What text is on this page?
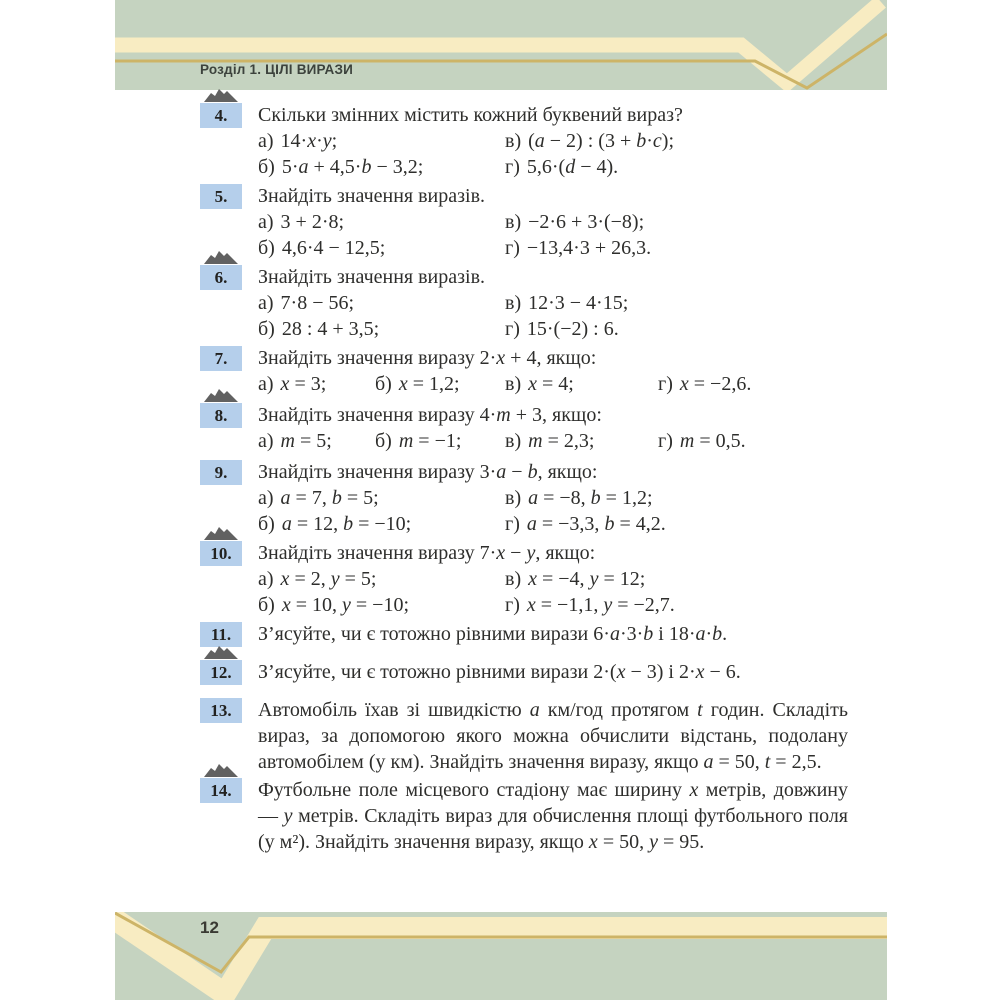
Розділ 1. ЦІЛІ ВИРАЗИ
4. Скільки змінних містить кожний буквений вираз?

а) 14·x·y;
б) 5·a + 4,5·b − 3,2;
в) (a − 2) : (3 + b·c);
г) 5,6·(d − 4).
5. Знайдіть значення виразів.

а) 3 + 2·8;
б) 4,6·4 − 12,5;
в) −2·6 + 3·(−8);
г) −13,4·3 + 26,3.
6. Знайдіть значення виразів.

а) 7·8 − 56;
б) 28 : 4 + 3,5;
в) 12·3 − 4·15;
г) 15·(−2) : 6.
7. Знайдіть значення виразу 2·x + 4, якщо:

а) x = 3;	б) x = 1,2;	в) x = 4;	г) x = −2,6.
8. Знайдіть значення виразу 4·m + 3, якщо:

а) m = 5;	б) m = −1;	в) m = 2,3;	г) m = 0,5.
9. Знайдіть значення виразу 3·a − b, якщо:

а) a = 7, b = 5;
б) a = 12, b = −10;
в) a = −8, b = 1,2;
г) a = −3,3, b = 4,2.
10. Знайдіть значення виразу 7·x − y, якщо:

а) x = 2, y = 5;
б) x = 10, y = −10;
в) x = −4, y = 12;
г) x = −1,1, y = −2,7.
11. З’ясуйте, чи є тотожно рівними вирази 6·a·3·b і 18·a·b.

12. З’ясуйте, чи є тотожно рівними вирази 2·(x − 3) і 2·x − 6.

13. Автомобіль їхав зі швидкістю a км/год протягом t годин. Складіть вираз, за допомогою якого можна обчислити відстань, подолану автомобілем (у км). Знайдіть значення виразу, якщо a = 50, t = 2,5.

14. Футбольне поле місцевого стадіону має ширину x метрів, довжину — y метрів. Складіть вираз для обчислення площі футбольного поля (у м²). Знайдіть значення виразу, якщо x = 50, y = 95.

12
